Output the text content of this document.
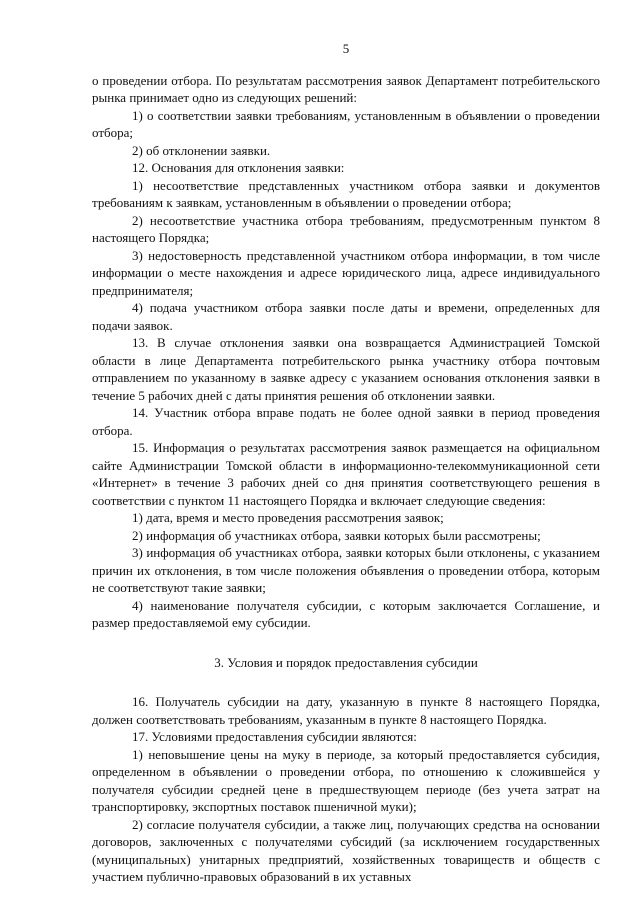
5

о проведении отбора. По результатам рассмотрения заявок Департамент потребительского рынка принимает одно из следующих решений:

1) о соответствии заявки требованиям, установленным в объявлении о проведении отбора;

2) об отклонении заявки.

12. Основания для отклонения заявки:

1) несоответствие представленных участником отбора заявки и документов требованиям к заявкам, установленным в объявлении о проведении отбора;

2) несоответствие участника отбора требованиям, предусмотренным пунктом 8 настоящего Порядка;

3) недостоверность представленной участником отбора информации, в том числе информации о месте нахождения и адресе юридического лица, адресе индивидуального предпринимателя;

4) подача участником отбора заявки после даты и времени, определенных для подачи заявок.

13. В случае отклонения заявки она возвращается Администрацией Томской области в лице Департамента потребительского рынка участнику отбора почтовым отправлением по указанному в заявке адресу с указанием основания отклонения заявки в течение 5 рабочих дней с даты принятия решения об отклонении заявки.

14. Участник отбора вправе подать не более одной заявки в период проведения отбора.

15. Информация о результатах рассмотрения заявок размещается на официальном сайте Администрации Томской области в информационно-телекоммуникационной сети «Интернет» в течение 3 рабочих дней со дня принятия соответствующего решения в соответствии с пунктом 11 настоящего Порядка и включает следующие сведения:

1) дата, время и место проведения рассмотрения заявок;

2) информация об участниках отбора, заявки которых были рассмотрены;

3) информация об участниках отбора, заявки которых были отклонены, с указанием причин их отклонения, в том числе положения объявления о проведении отбора, которым не соответствуют такие заявки;

4) наименование получателя субсидии, с которым заключается Соглашение, и размер предоставляемой ему субсидии.

3. Условия и порядок предоставления субсидии

16. Получатель субсидии на дату, указанную в пункте 8 настоящего Порядка, должен соответствовать требованиям, указанным в пункте 8 настоящего Порядка.

17. Условиями предоставления субсидии являются:

1) неповышение цены на муку в периоде, за который предоставляется субсидия, определенном в объявлении о проведении отбора, по отношению к сложившейся у получателя субсидии средней цене в предшествующем периоде (без учета затрат на транспортировку, экспортных поставок пшеничной муки);

2) согласие получателя субсидии, а также лиц, получающих средства на основании договоров, заключенных с получателями субсидий (за исключением государственных (муниципальных) унитарных предприятий, хозяйственных товариществ и обществ с участием публично-правовых образований в их уставных
